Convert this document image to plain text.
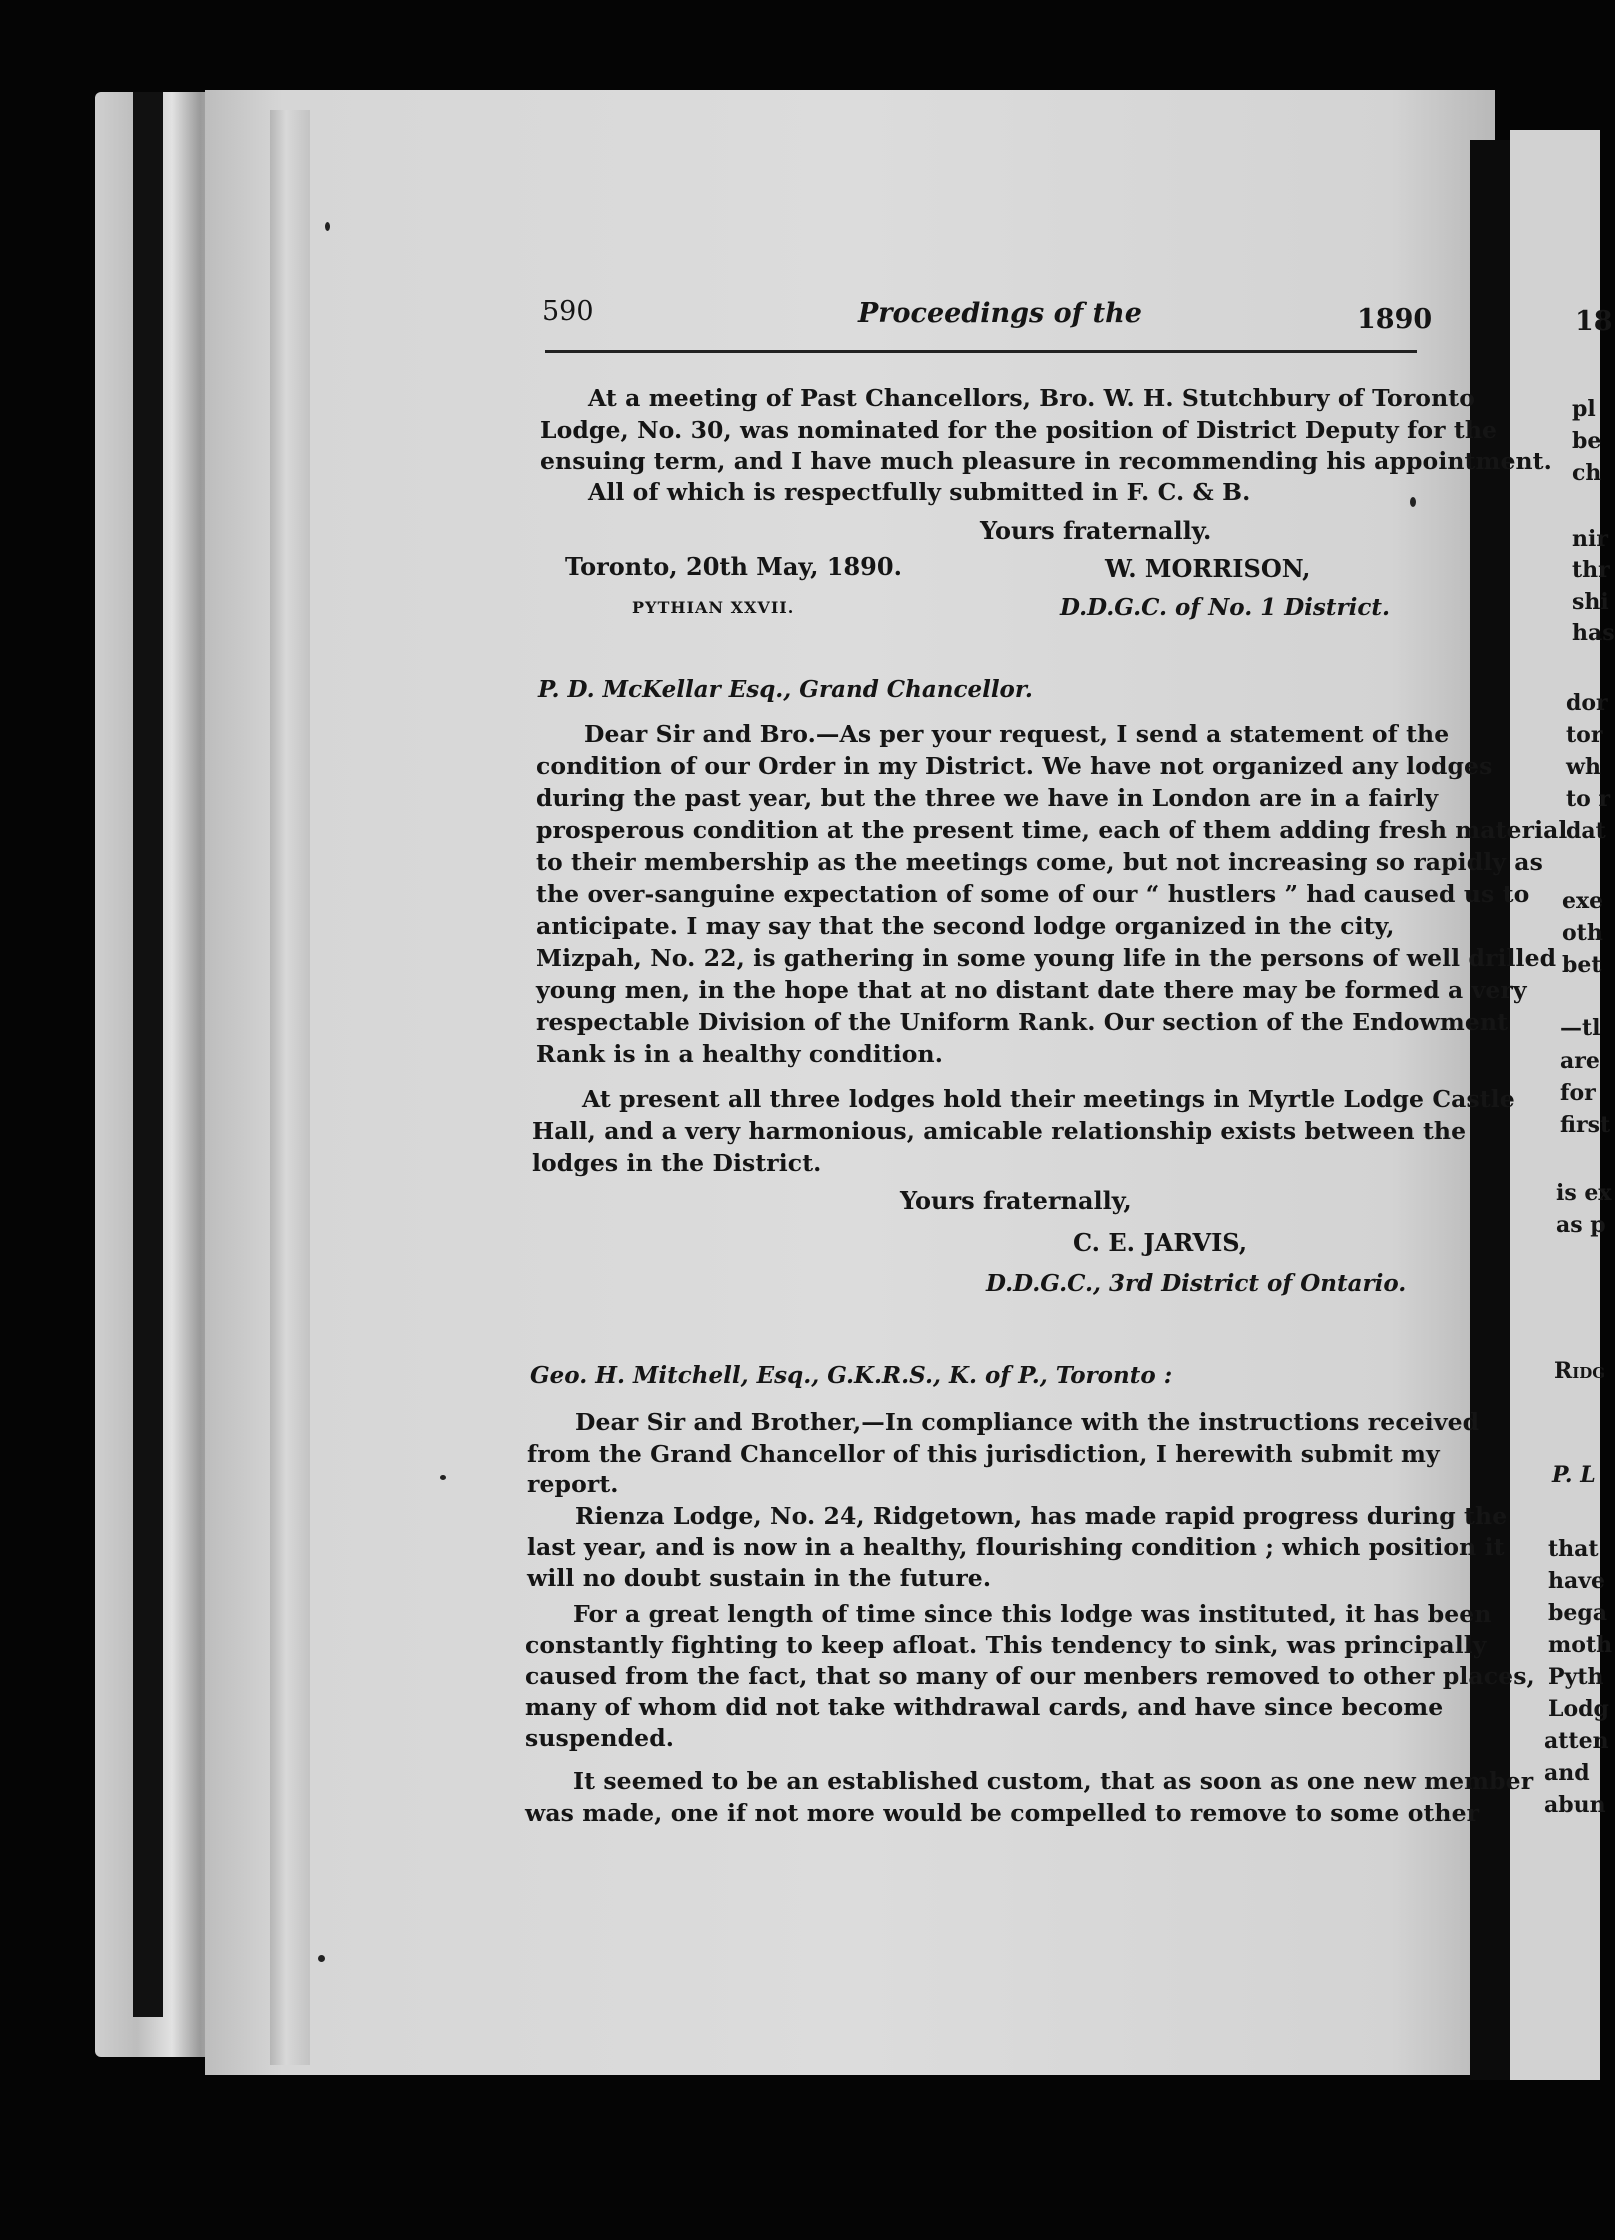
590	Proceedings of the	1890
At a meeting of Past Chancellors, Bro. W. H. Stutchbury of Toronto
Lodge, No. 30, was nominated for the position of District Deputy for the
ensuing term, and I have much pleasure in recommending his appointment.
All of which is respectfully submitted in F. C. & B.
Yours fraternally.
Toronto, 20th May, 1890.	W. MORRISON,
PYTHIAN XXVII.	D.D.G.C. of No. 1 District.
P. D. McKellar Esq., Grand Chancellor.
Dear Sir and Bro.—As per your request, I send a statement of the
condition of our Order in my District. We have not organized any lodges
during the past year, but the three we have in London are in a fairly
prosperous condition at the present time, each of them adding fresh material
to their membership as the meetings come, but not increasing so rapidly as
the over-sanguine expectation of some of our “ hustlers ” had caused us to
anticipate. I may say that the second lodge organized in the city,
Mizpah, No. 22, is gathering in some young life in the persons of well drilled
young men, in the hope that at no distant date there may be formed a very
respectable Division of the Uniform Rank. Our section of the Endowment
Rank is in a healthy condition.
At present all three lodges hold their meetings in Myrtle Lodge Castle
Hall, and a very harmonious, amicable relationship exists between the
lodges in the District.
Yours fraternally,
C. E. JARVIS,
D.D.G.C., 3rd District of Ontario.
Geo. H. Mitchell, Esq., G.K.R.S., K. of P., Toronto :
Dear Sir and Brother,—In compliance with the instructions received
from the Grand Chancellor of this jurisdiction, I herewith submit my
report.
Rienza Lodge, No. 24, Ridgetown, has made rapid progress during the
last year, and is now in a healthy, flourishing condition ; which position it
will no doubt sustain in the future.
For a great length of time since this lodge was instituted, it has been
constantly fighting to keep afloat. This tendency to sink, was principally
caused from the fact, that so many of our menbers removed to other places,
many of whom did not take withdrawal cards, and have since become
suspended.
It seemed to be an established custom, that as soon as one new member
was made, one if not more would be compelled to remove to some other
18
pl
be
ch
nir
thr
shi
has
dor
tor
wh
to r
dat
exe
oth
bet
—tl
are
for
first
is ex
as p
Ridg
P. L
that
have
bega
moth
Pyth
Lodg
atten
and
abun
